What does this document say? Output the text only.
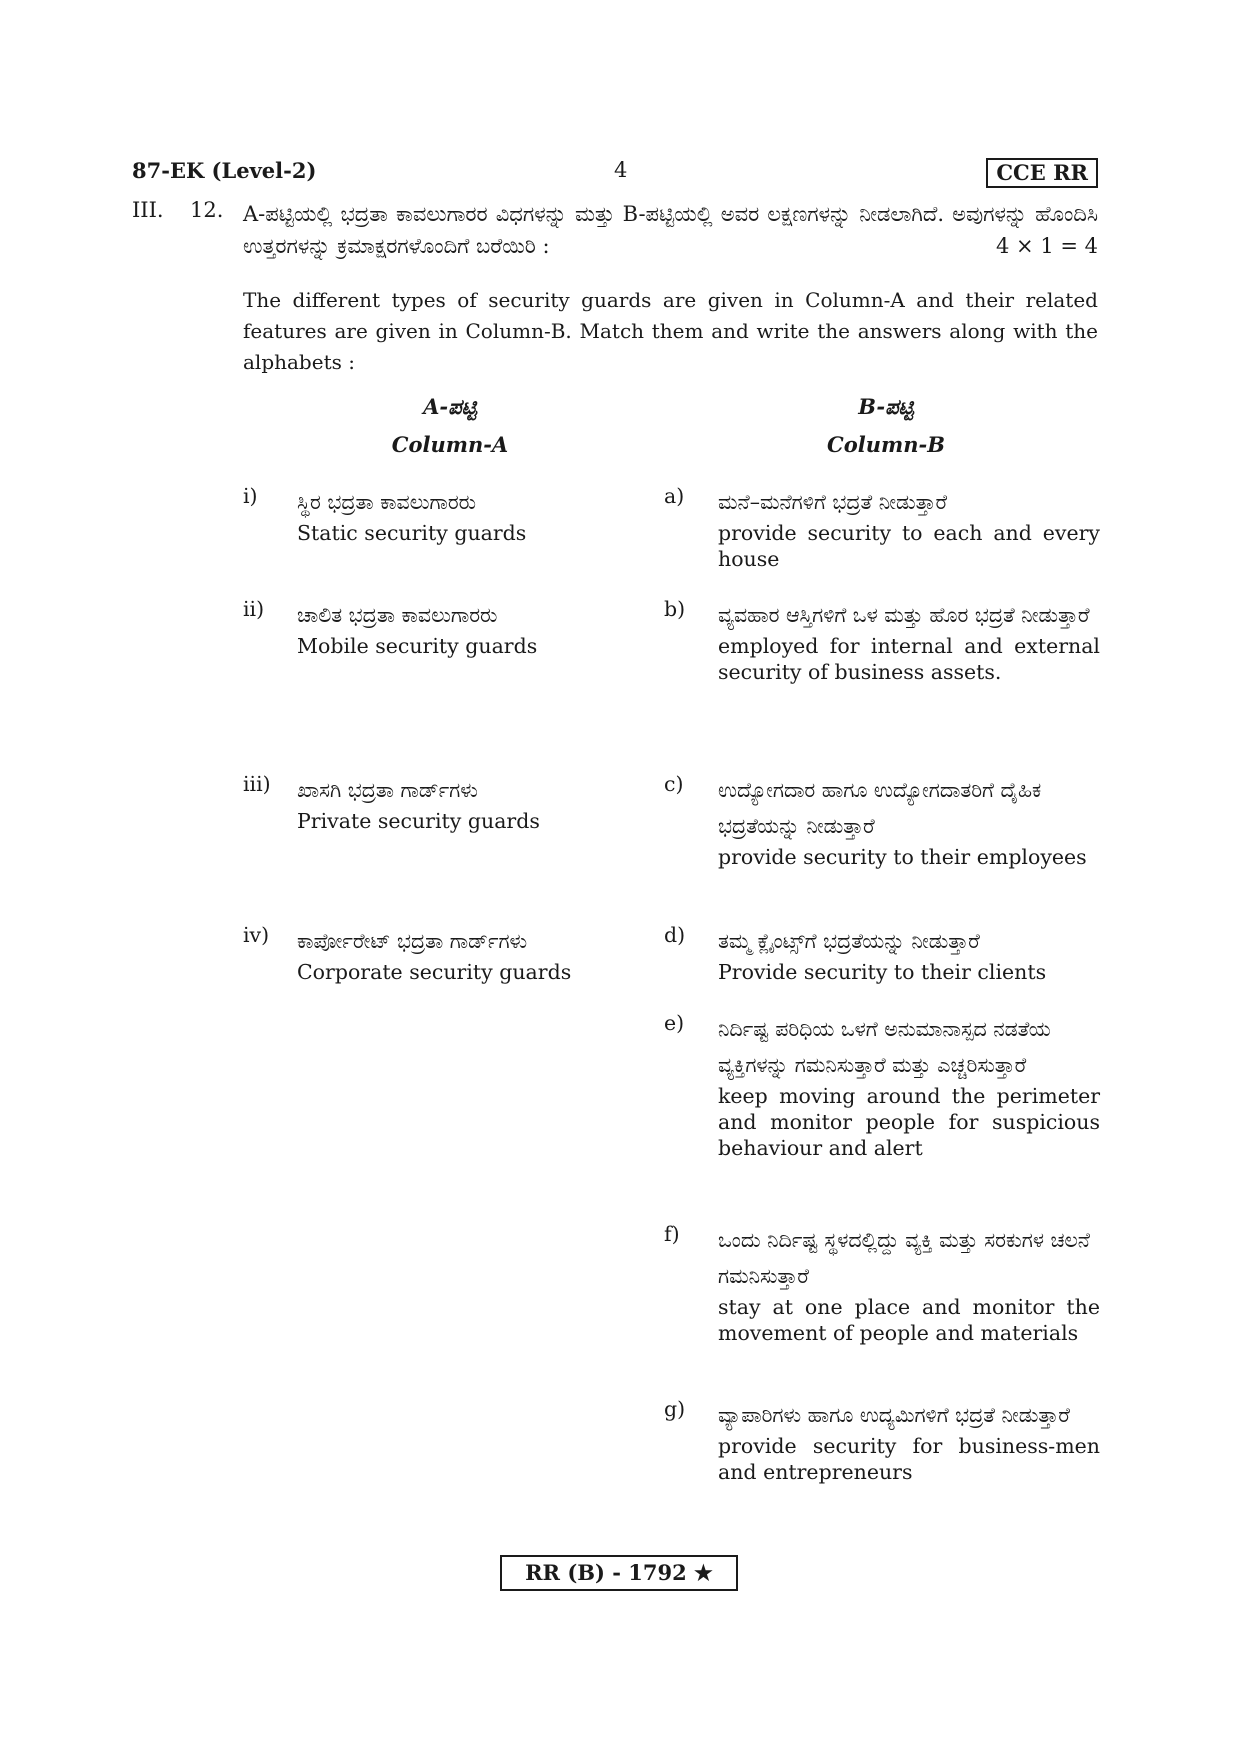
87-EK (Level-2)	4	CCE RR
III. 12. A-ಪಟ್ಟಿಯಲ್ಲಿ ಭದ್ರತಾ ಕಾವಲುಗಾರರ ವಿಧಗಳನ್ನು ಮತ್ತು B-ಪಟ್ಟಿಯಲ್ಲಿ ಅವರ ಲಕ್ಷಣಗಳನ್ನು ನೀಡಲಾಗಿದೆ. ಅವುಗಳನ್ನು ಹೊಂದಿಸಿ ಉತ್ತರಗಳನ್ನು ಕ್ರಮಾಕ್ಷರಗಳೊಂದಿಗೆ ಬರೆಯಿರಿ :	4 × 1 = 4
The different types of security guards are given in Column-A and their related features are given in Column-B. Match them and write the answers along with the alphabets :
A-ಪಟ್ಟಿ
Column-A
B-ಪಟ್ಟಿ
Column-B
i) ಸ್ಥಿರ ಭದ್ರತಾ ಕಾವಲುಗಾರರು
Static security guards
ii) ಚಾಲಿತ ಭದ್ರತಾ ಕಾವಲುಗಾರರು
Mobile security guards
iii) ಖಾಸಗಿ ಭದ್ರತಾ ಗಾರ್ಡ್‌ಗಳು
Private security guards
iv) ಕಾರ್ಪೋರೇಟ್ ಭದ್ರತಾ ಗಾರ್ಡ್‌ಗಳು
Corporate security guards
a) ಮನೆ–ಮನೆಗಳಿಗೆ ಭದ್ರತೆ ನೀಡುತ್ತಾರೆ
provide security to each and every house
b) ವ್ಯವಹಾರ ಆಸ್ತಿಗಳಿಗೆ ಒಳ ಮತ್ತು ಹೊರ ಭದ್ರತೆ ನೀಡುತ್ತಾರೆ
employed for internal and external security of business assets.
c) ಉದ್ಯೋಗದಾರ ಹಾಗೂ ಉದ್ಯೋಗದಾತರಿಗೆ ದೈಹಿಕ ಭದ್ರತೆಯನ್ನು ನೀಡುತ್ತಾರೆ
provide security to their employees
d) ತಮ್ಮ ಕ್ಲೈಂಟ್ಸ್‌ಗೆ ಭದ್ರತೆಯನ್ನು ನೀಡುತ್ತಾರೆ
Provide security to their clients
e) ನಿರ್ದಿಷ್ಟ ಪರಿಧಿಯ ಒಳಗೆ ಅನುಮಾನಾಸ್ಪದ ನಡತೆಯ ವ್ಯಕ್ತಿಗಳನ್ನು ಗಮನಿಸುತ್ತಾರೆ ಮತ್ತು ಎಚ್ಚರಿಸುತ್ತಾರೆ
keep moving around the perimeter and monitor people for suspicious behaviour and alert
f) ಒಂದು ನಿರ್ದಿಷ್ಟ ಸ್ಥಳದಲ್ಲಿದ್ದು ವ್ಯಕ್ತಿ ಮತ್ತು ಸರಕುಗಳ ಚಲನೆ ಗಮನಿಸುತ್ತಾರೆ
stay at one place and monitor the movement of people and materials
g) ವ್ಯಾಪಾರಿಗಳು ಹಾಗೂ ಉದ್ಯಮಿಗಳಿಗೆ ಭದ್ರತೆ ನೀಡುತ್ತಾರೆ
provide security for business-men and entrepreneurs
RR (B) - 1792 ★
